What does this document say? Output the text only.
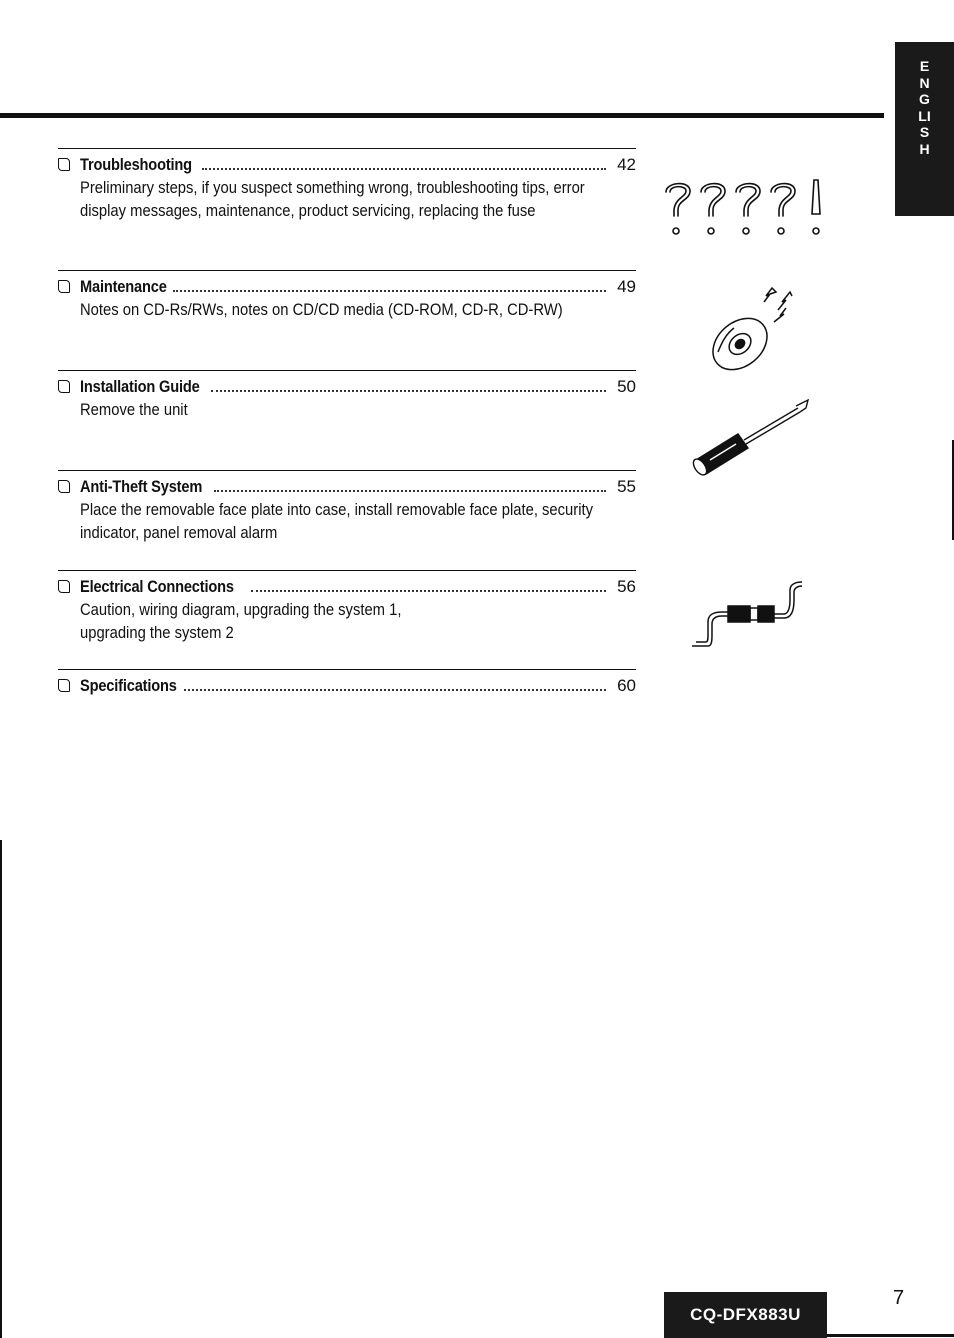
ENGLISH
Troubleshooting	42
Preliminary steps, if you suspect something wrong, troubleshooting tips, error display messages, maintenance, product servicing, replacing the fuse
Maintenance	49
Notes on CD-Rs/RWs, notes on CD/CD media (CD-ROM, CD-R, CD-RW)
Installation Guide	50
Remove the unit
Anti-Theft System	55
Place the removable face plate into case, install removable face plate, security indicator, panel removal alarm
Electrical Connections	56
Caution, wiring diagram, upgrading the system 1, upgrading the system 2
Specifications	60
CQ-DFX883U
7
